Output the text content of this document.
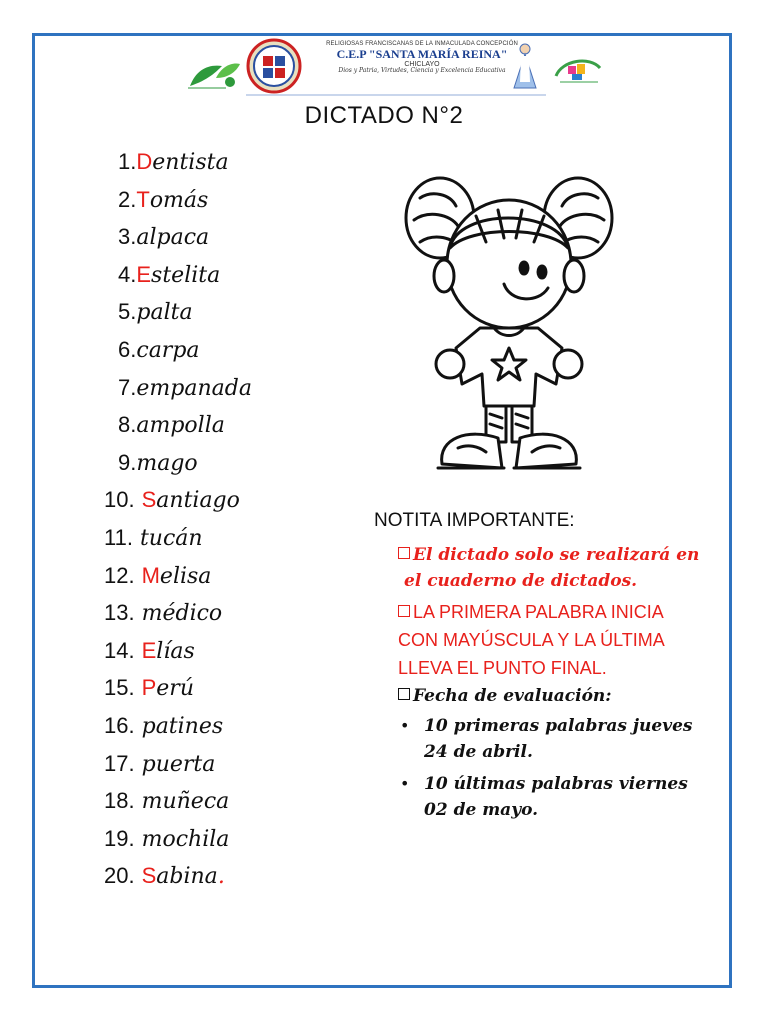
RELIGIOSAS FRANCISCANAS DE LA INMACULADA CONCEPCIÓN
C.E.P "SANTA MARÍA REINA"
CHICLAYO
Dios y Patria, Virtudes, Ciencia y Excelencia Educativa
DICTADO N°2
1.Dentista
2.Tomás
3.alpaca
4.Estelita
5.palta
6.carpa
7.empanada
8.ampolla
9.mago
10. Santiago
11. tucán
12. Melisa
13. médico
14. Elías
15. Perú
16. patines
17. puerta
18. muñeca
19. mochila
20. Sabina.
NOTITA IMPORTANTE:
El dictado solo se realizará en
el cuaderno de dictados.
LA PRIMERA PALABRA INICIA
CON MAYÚSCULA Y LA ÚLTIMA
LLEVA EL PUNTO FINAL.
Fecha de evaluación:
• 10 primeras palabras jueves
24 de abril.
• 10 últimas palabras viernes
02 de mayo.
